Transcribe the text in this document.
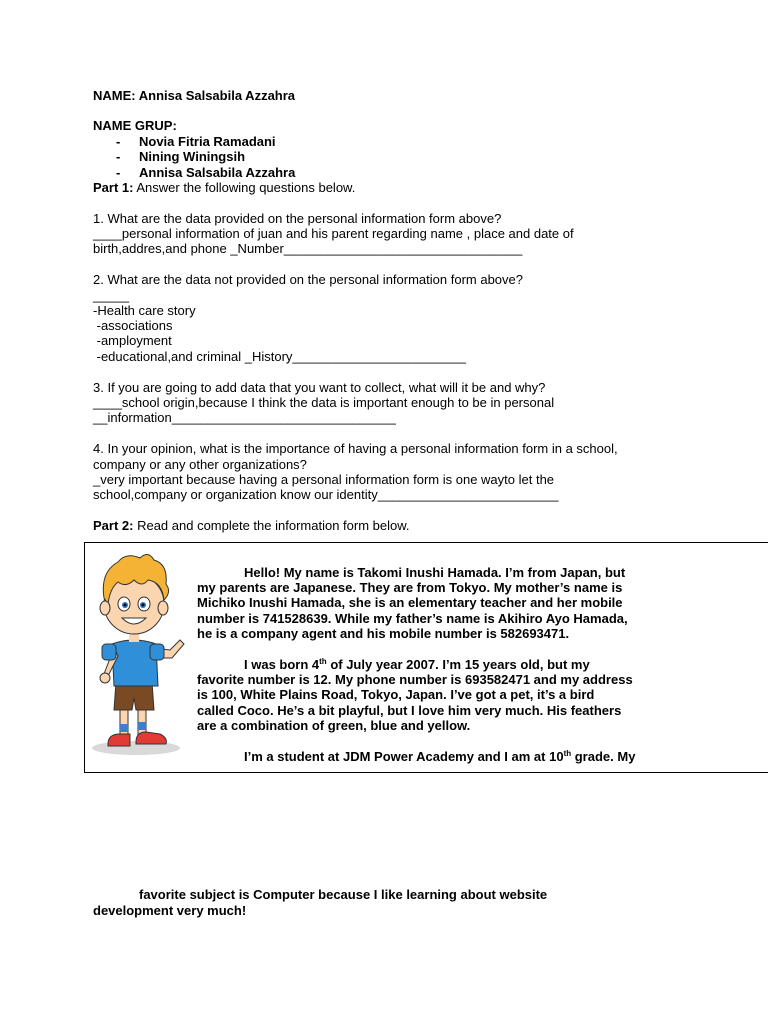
NAME: Annisa Salsabila Azzahra
NAME GRUP:
- Novia Fitria Ramadani
- Nining Winingsih
- Annisa Salsabila Azzahra
Part 1: Answer the following questions below.
1. What are the data provided on the personal information form above?
____personal information of juan and his parent regarding name , place and date of
birth,addres,and phone _Number_________________________________
2. What are the data not provided on the personal information form above?
_____
-Health care story
-associations
-amployment
-educational,and criminal _History________________________
3. If you are going to add data that you want to collect, what will it be and why?
____school origin,because I think the data is important enough to be in personal
__information_______________________________
4. In your opinion, what is the importance of having a personal information form in a school,
company or any other organizations?
_very important because having a personal information form is one wayto let the
school,company or organization know our identity_________________________
Part 2: Read and complete the information form below.
Hello! My name is Takomi Inushi Hamada. I’m from Japan, but
my parents are Japanese. They are from Tokyo. My mother’s name is
Michiko Inushi Hamada, she is an elementary teacher and her mobile
number is 741528639. While my father’s name is Akihiro Ayo Hamada,
he is a company agent and his mobile number is 582693471.
I was born 4th of July year 2007. I’m 15 years old, but my
favorite number is 12. My phone number is 693582471 and my address
is 100, White Plains Road, Tokyo, Japan. I’ve got a pet, it’s a bird
called Coco. He’s a bit playful, but I love him very much. His feathers
are a combination of green, blue and yellow.
I’m a student at JDM Power Academy and I am at 10th grade. My
favorite subject is Computer because I like learning about website
development very much!
